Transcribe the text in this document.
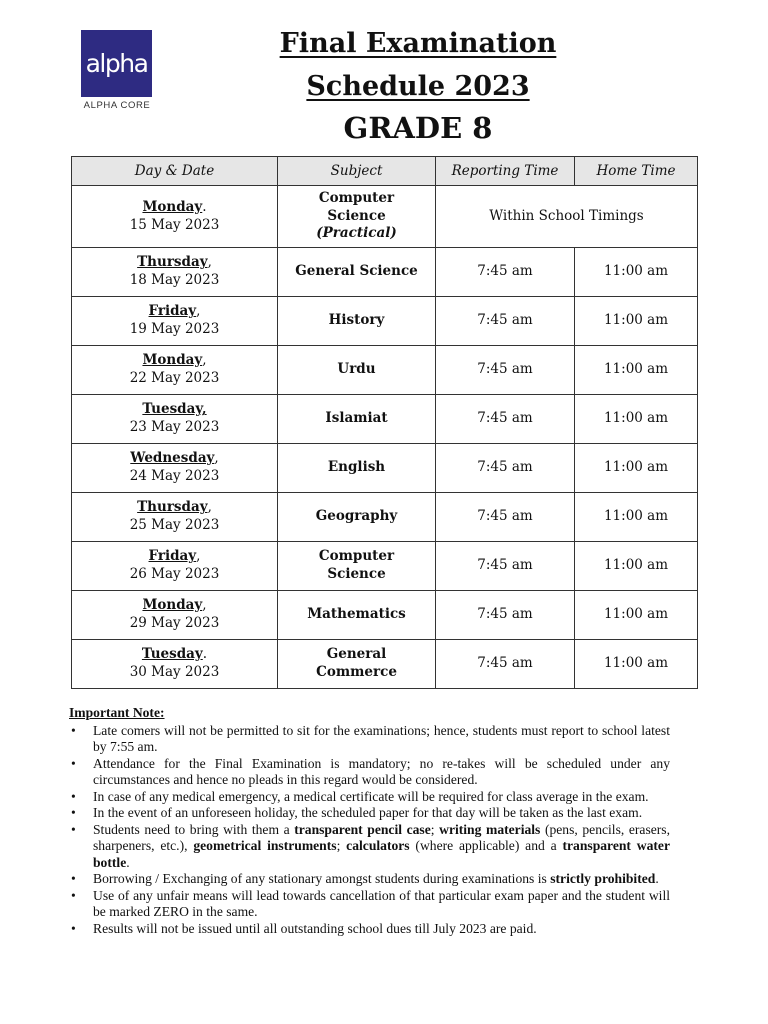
alpha
ALPHA CORE
Final Examination
Schedule 2023
GRADE 8
Day & Date	Subject	Reporting Time	Home Time
Monday.
15 May 2023	Computer
Science
(Practical)	Within School Timings	
Thursday,
18 May 2023	General Science	7:45 am	11:00 am
Friday,
19 May 2023	History	7:45 am	11:00 am
Monday,
22 May 2023	Urdu	7:45 am	11:00 am
Tuesday,
23 May 2023	Islamiat	7:45 am	11:00 am
Wednesday,
24 May 2023	English	7:45 am	11:00 am
Thursday,
25 May 2023	Geography	7:45 am	11:00 am
Friday,
26 May 2023	Computer
Science	7:45 am	11:00 am
Monday,
29 May 2023	Mathematics	7:45 am	11:00 am
Tuesday.
30 May 2023	General
Commerce	7:45 am	11:00 am
Important Note:
• Late comers will not be permitted to sit for the examinations; hence, students must report to school latest by 7:55 am.
• Attendance for the Final Examination is mandatory; no re-takes will be scheduled under any circumstances and hence no pleads in this regard would be considered.
• In case of any medical emergency, a medical certificate will be required for class average in the exam.
• In the event of an unforeseen holiday, the scheduled paper for that day will be taken as the last exam.
• Students need to bring with them a transparent pencil case; writing materials (pens, pencils, erasers, sharpeners, etc.), geometrical instruments; calculators (where applicable) and a transparent water bottle.
• Borrowing / Exchanging of any stationary amongst students during examinations is strictly prohibited.
• Use of any unfair means will lead towards cancellation of that particular exam paper and the student will be marked ZERO in the same.
• Results will not be issued until all outstanding school dues till July 2023 are paid.
